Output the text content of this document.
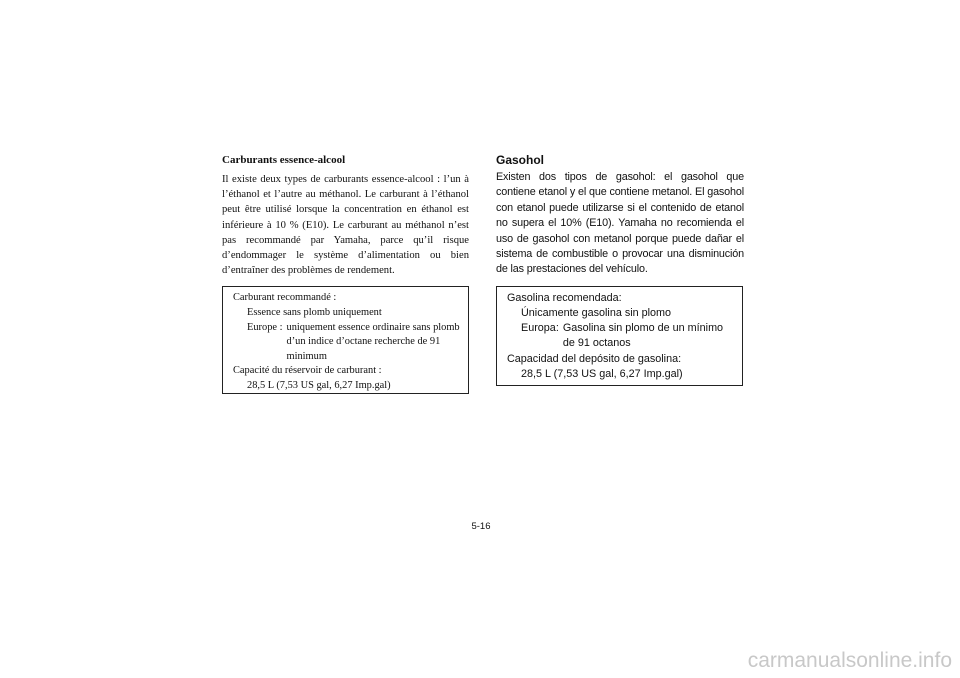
Carburants essence-alcool

Il existe deux types de carburants essence-alcool : l’un à l’éthanol et l’autre au méthanol. Le carburant à l’éthanol peut être utilisé lorsque la concentration en éthanol est inférieure à 10 % (E10). Le carburant au méthanol n’est pas recommandé par Yamaha, parce qu’il risque d’endommager le système d’alimentation ou bien d’entraîner des problèmes de rendement.

Carburant recommandé :
Essence sans plomb uniquement
Europe : uniquement essence ordinaire sans plomb d’un indice d’octane recherche de 91 minimum
Capacité du réservoir de carburant :
28,5 L (7,53 US gal, 6,27 Imp.gal)
Gasohol

Existen dos tipos de gasohol: el gasohol que contiene etanol y el que contiene metanol. El gasohol con etanol puede utilizarse si el contenido de etanol no supera el 10% (E10). Yamaha no recomienda el uso de gasohol con metanol porque puede dañar el sistema de combustible o provocar una disminución de las prestaciones del vehículo.

Gasolina recomendada:
Únicamente gasolina sin plomo
Europa: Gasolina sin plomo de un mínimo de 91 octanos
Capacidad del depósito de gasolina:
28,5 L (7,53 US gal, 6,27 Imp.gal)
5-16
carmanualsonline.info
